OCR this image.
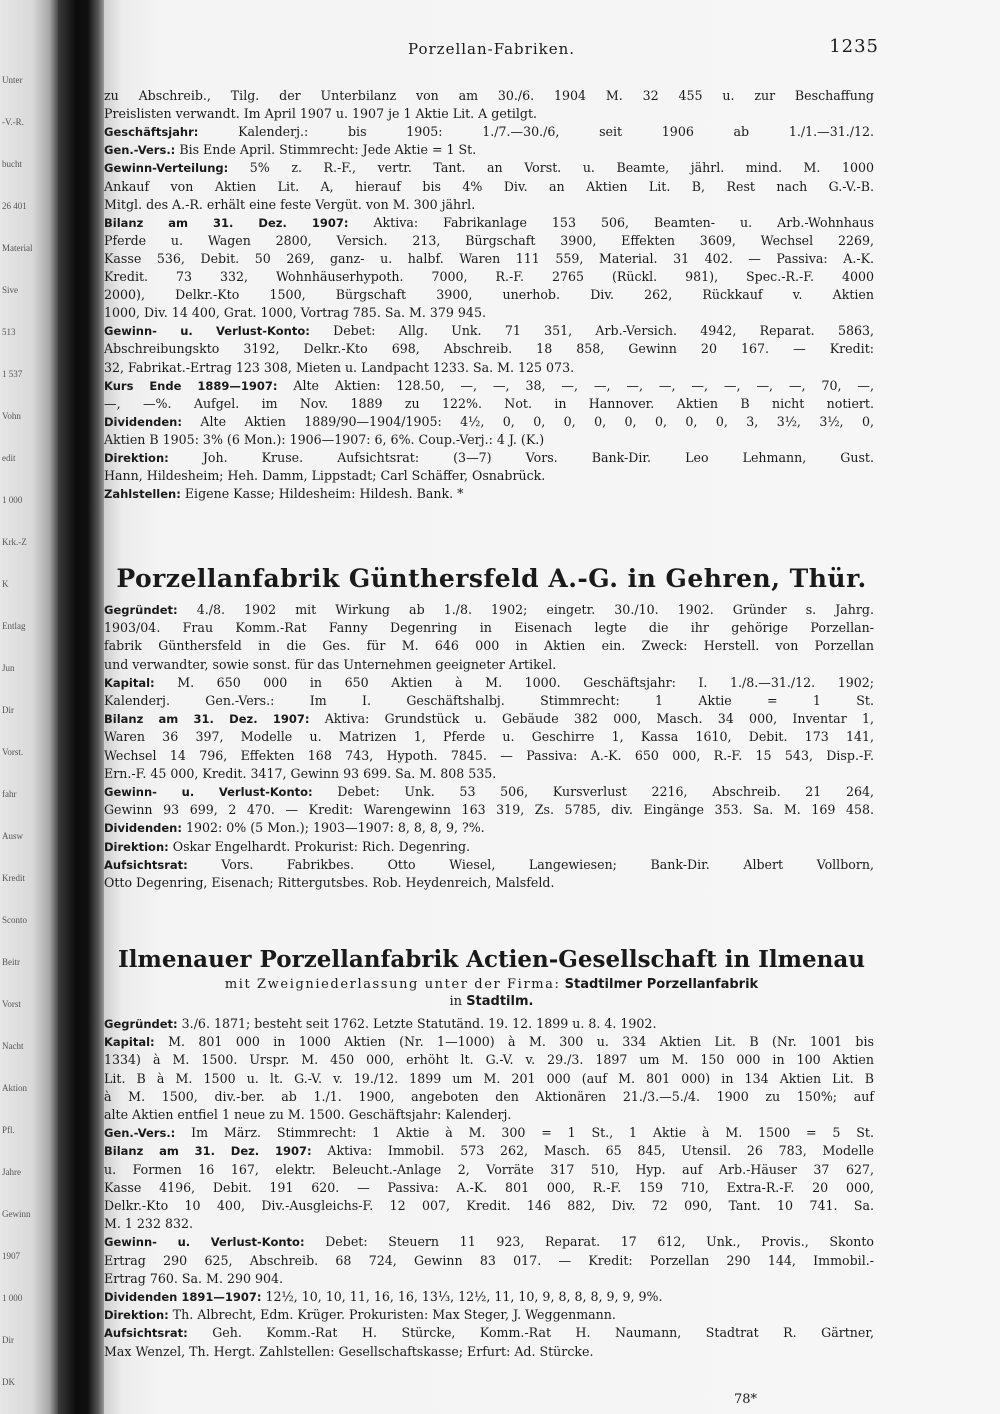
Unter
-V.-R.
bucht
26 401
Material
Sive
513
1 537
Vohn
edit
1 000
Krk.-Z
K
Entlag
Jun
Dir
Vorst.
fahr
Ausw
Kredit
Sconto
Beitr
Vorst
Nacht
Aktion
Pfl.
Jahre
Gewinn
1907
1 000
Dir
DK
Porzellan-Fabriken.	1235
Porzellanfabrik Günthersfeld A.-G. in Gehren, Thür.
Ilmenauer Porzellanfabrik Actien-Gesellschaft in Ilmenau
mit Zweigniederlassung unter der Firma: Stadtilmer Porzellanfabrik
in Stadtilm.
78*
zu Abschreib., Tilg. der Unterbilanz von am 30./6. 1904 M. 32 455 u. zur Beschaffung
Preislisten verwandt. Im April 1907 u. 1907 je 1 Aktie Lit. A getilgt.
Geschäftsjahr:	Kalenderj.: bis 1905: 1./7.—30./6, seit 1906 ab 1./1.—31./12.
Gen.-Vers.: Bis Ende April. Stimmrecht: Jede Aktie = 1 St.
Gewinn-Verteilung: 5% z. R.-F., vertr. Tant. an Vorst. u. Beamte, jährl. mind. M. 1000
Ankauf von Aktien Lit. A, hierauf bis 4% Div. an Aktien Lit. B, Rest nach G.-V.-B.
Mitgl. des A.-R. erhält eine feste Vergüt. von M. 300 jährl.
Bilanz am 31. Dez. 1907: Aktiva: Fabrikanlage 153 506, Beamten- u. Arb.-Wohnhaus
Pferde u. Wagen 2800, Versich. 213, Bürgschaft 3900, Effekten 3609, Wechsel 2269,
Kasse 536, Debit. 50 269, ganz- u. halbf. Waren 111 559, Material. 31 402. — Passiva: A.-K.
Kredit. 73 332, Wohnhäuserhypoth. 7000, R.-F. 2765 (Rückl. 981), Spec.-R.-F. 4000
2000), Delkr.-Kto 1500, Bürgschaft 3900, unerhob. Div. 262, Rückkauf v. Aktien
1000, Div. 14 400, Grat. 1000, Vortrag 785. Sa. M. 379 945.
Gewinn- u. Verlust-Konto: Debet: Allg. Unk. 71 351, Arb.-Versich. 4942, Reparat. 5863,
Abschreibungskto 3192, Delkr.-Kto 698, Abschreib. 18 858, Gewinn 20 167. — Kredit:
32, Fabrikat.-Ertrag 123 308, Mieten u. Landpacht 1233. Sa. M. 125 073.
Kurs Ende 1889—1907: Alte Aktien: 128.50, —, —, 38, —, —, —, —, —, —, —, —, 70, —,
—, —%. Aufgel. im Nov. 1889 zu 122%. Not. in Hannover. Aktien B nicht notiert.
Dividenden: Alte Aktien 1889/90—1904/1905: 4½, 0, 0, 0, 0, 0, 0, 0, 0, 3, 3½, 3½, 0,
Aktien B 1905: 3% (6 Mon.): 1906—1907: 6, 6%. Coup.-Verj.: 4 J. (K.)
Direktion:	Joh. Kruse. Aufsichtsrat: (3—7) Vors. Bank-Dir. Leo Lehmann, Gust.
Hann, Hildesheim; Heh. Damm, Lippstadt; Carl Schäffer, Osnabrück.
Zahlstellen: Eigene Kasse; Hildesheim: Hildesh. Bank. *
Gegründet: 4./8. 1902 mit Wirkung ab 1./8. 1902; eingetr. 30./10. 1902. Gründer s. Jahrg.
1903/04. Frau Komm.-Rat Fanny Degenring in Eisenach legte die ihr gehörige Porzellan-
fabrik Günthersfeld in die Ges. für M. 646 000 in Aktien ein. Zweck: Herstell. von Porzellan
und verwandter, sowie sonst. für das Unternehmen geeigneter Artikel.
Kapital: M. 650 000 in 650 Aktien à M. 1000. Geschäftsjahr: I. 1./8.—31./12. 1902;
Kalenderj. Gen.-Vers.: Im I. Geschäftshalbj. Stimmrecht: 1 Aktie = 1 St.
Bilanz am 31. Dez. 1907: Aktiva: Grundstück u. Gebäude 382 000, Masch. 34 000, Inventar 1,
Waren 36 397, Modelle u. Matrizen 1, Pferde u. Geschirre 1, Kassa 1610, Debit. 173 141,
Wechsel 14 796, Effekten 168 743, Hypoth. 7845. — Passiva: A.-K. 650 000, R.-F. 15 543, Disp.-F.
Ern.-F. 45 000, Kredit. 3417, Gewinn 93 699. Sa. M. 808 535.
Gewinn- u. Verlust-Konto: Debet: Unk. 53 506, Kursverlust 2216, Abschreib. 21 264,
Gewinn 93 699, 2 470. — Kredit: Warengewinn 163 319, Zs. 5785, div. Eingänge 353. Sa. M. 169 458.
Dividenden: 1902: 0% (5 Mon.); 1903—1907: 8, 8, 8, 9, ?%.
Direktion: Oskar Engelhardt. Prokurist: Rich. Degenring.
Aufsichtsrat:	Vors. Fabrikbes. Otto Wiesel, Langewiesen; Bank-Dir. Albert Vollborn,
Otto Degenring, Eisenach; Rittergutsbes. Rob. Heydenreich, Malsfeld.
Gegründet: 3./6. 1871; besteht seit 1762. Letzte Statutänd. 19. 12. 1899 u. 8. 4. 1902.
Kapital: M. 801 000 in 1000 Aktien (Nr. 1—1000) à M. 300 u. 334 Aktien Lit. B (Nr. 1001 bis
1334) à M. 1500. Urspr. M. 450 000, erhöht lt. G.-V. v. 29./3. 1897 um M. 150 000 in 100 Aktien
Lit. B à M. 1500 u. lt. G.-V. v. 19./12. 1899 um M. 201 000 (auf M. 801 000) in 134 Aktien Lit. B
à M. 1500, div.-ber. ab 1./1. 1900, angeboten den Aktionären 21./3.—5./4. 1900 zu 150%; auf
alte Aktien entfiel 1 neue zu M. 1500. Geschäftsjahr: Kalenderj.
Gen.-Vers.: Im März. Stimmrecht: 1 Aktie à M. 300 = 1 St., 1 Aktie à M. 1500 = 5 St.
Bilanz am 31. Dez. 1907: Aktiva: Immobil. 573 262, Masch. 65 845, Utensil. 26 783, Modelle
u. Formen 16 167, elektr. Beleucht.-Anlage 2, Vorräte 317 510, Hyp. auf Arb.-Häuser 37 627,
Kasse 4196, Debit. 191 620. — Passiva: A.-K. 801 000, R.-F. 159 710, Extra-R.-F. 20 000,
Delkr.-Kto 10 400, Div.-Ausgleichs-F. 12 007, Kredit. 146 882, Div. 72 090, Tant. 10 741. Sa.
M. 1 232 832.
Gewinn- u. Verlust-Konto: Debet: Steuern 11 923, Reparat. 17 612, Unk., Provis., Skonto
Ertrag 290 625, Abschreib. 68 724, Gewinn 83 017. — Kredit: Porzellan 290 144, Immobil.-
Ertrag 760. Sa. M. 290 904.
Dividenden 1891—1907: 12½, 10, 10, 11, 16, 16, 13⅓, 12½, 11, 10, 9, 8, 8, 8, 9, 9, 9%.
Direktion: Th. Albrecht, Edm. Krüger. Prokuristen: Max Steger, J. Weggenmann.
Aufsichtsrat: Geh. Komm.-Rat H. Stürcke, Komm.-Rat H. Naumann, Stadtrat R. Gärtner,
Max Wenzel, Th. Hergt. Zahlstellen: Gesellschaftskasse; Erfurt: Ad. Stürcke.
